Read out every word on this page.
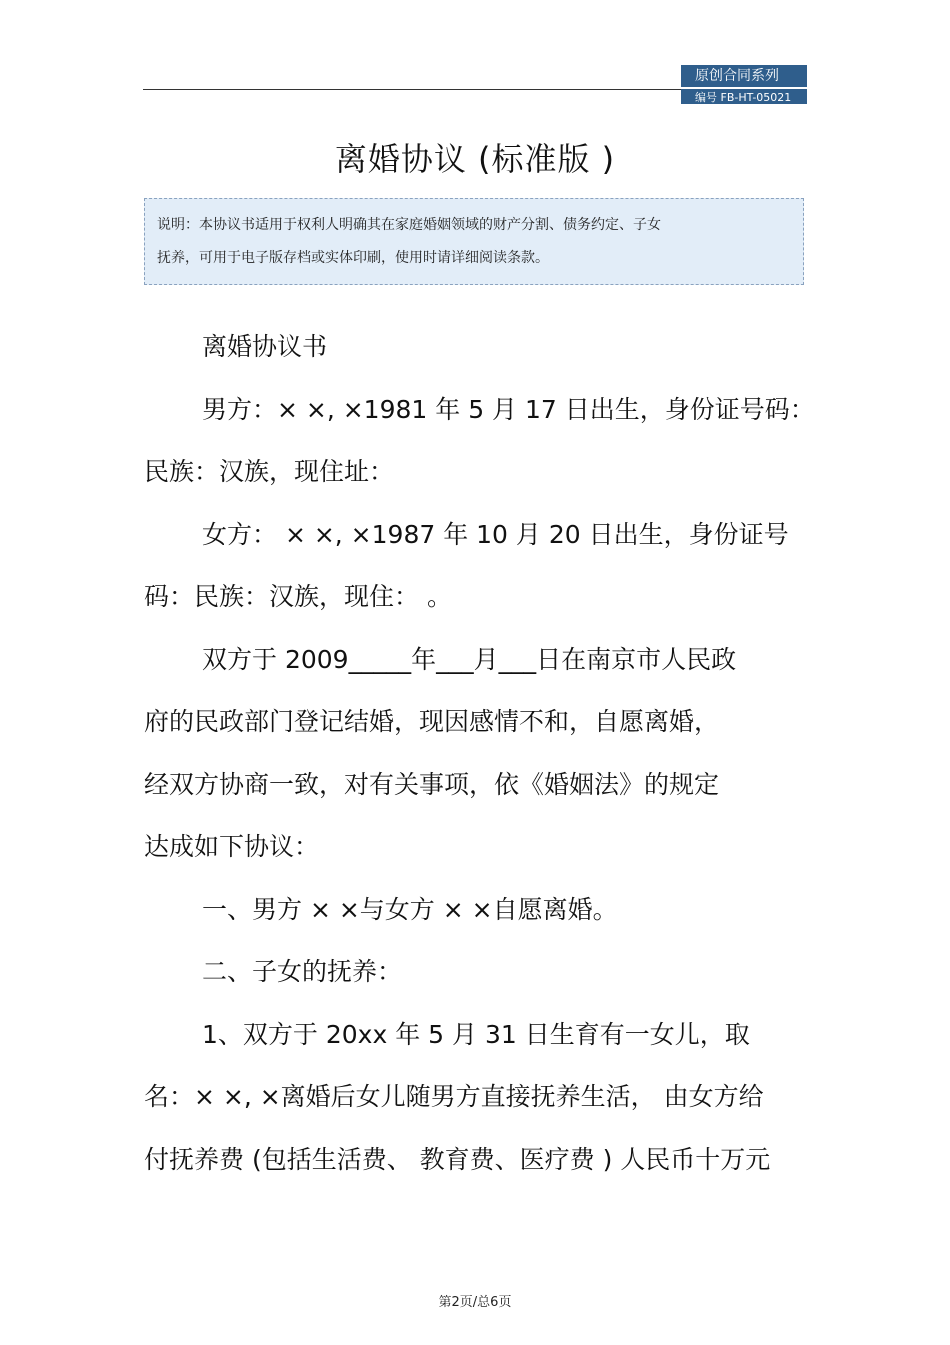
原创合同系列
编号 FB-HT-05021
离婚协议 (标准版 )
说明：本协议书适用于权利人明确其在家庭婚姻领域的财产分割、债务约定、子女
抚养，可用于电子版存档或实体印刷，使用时请详细阅读条款。

离婚协议书

男方：× ×, ×1981 年 5 月 17 日出生，身份证号码：

民族：汉族，现住址：

女方： × ×, ×1987 年 10 月 20 日出生，身份证号

码：民族：汉族，现住： 。

双方于 2009_____年___月___日在南京市人民政

府的民政部门登记结婚，现因感情不和，自愿离婚，

经双方协商一致，对有关事项，依《婚姻法》的规定

达成如下协议：

一、男方 × ×与女方 × ×自愿离婚。

二、子女的抚养：

1、双方于 20xx 年 5 月 31 日生育有一女儿，取

名：× ×, ×离婚后女儿随男方直接抚养生活， 由女方给

付抚养费 (包括生活费、 教育费、医疗费 ) 人民币十万元

第2页/总6页
